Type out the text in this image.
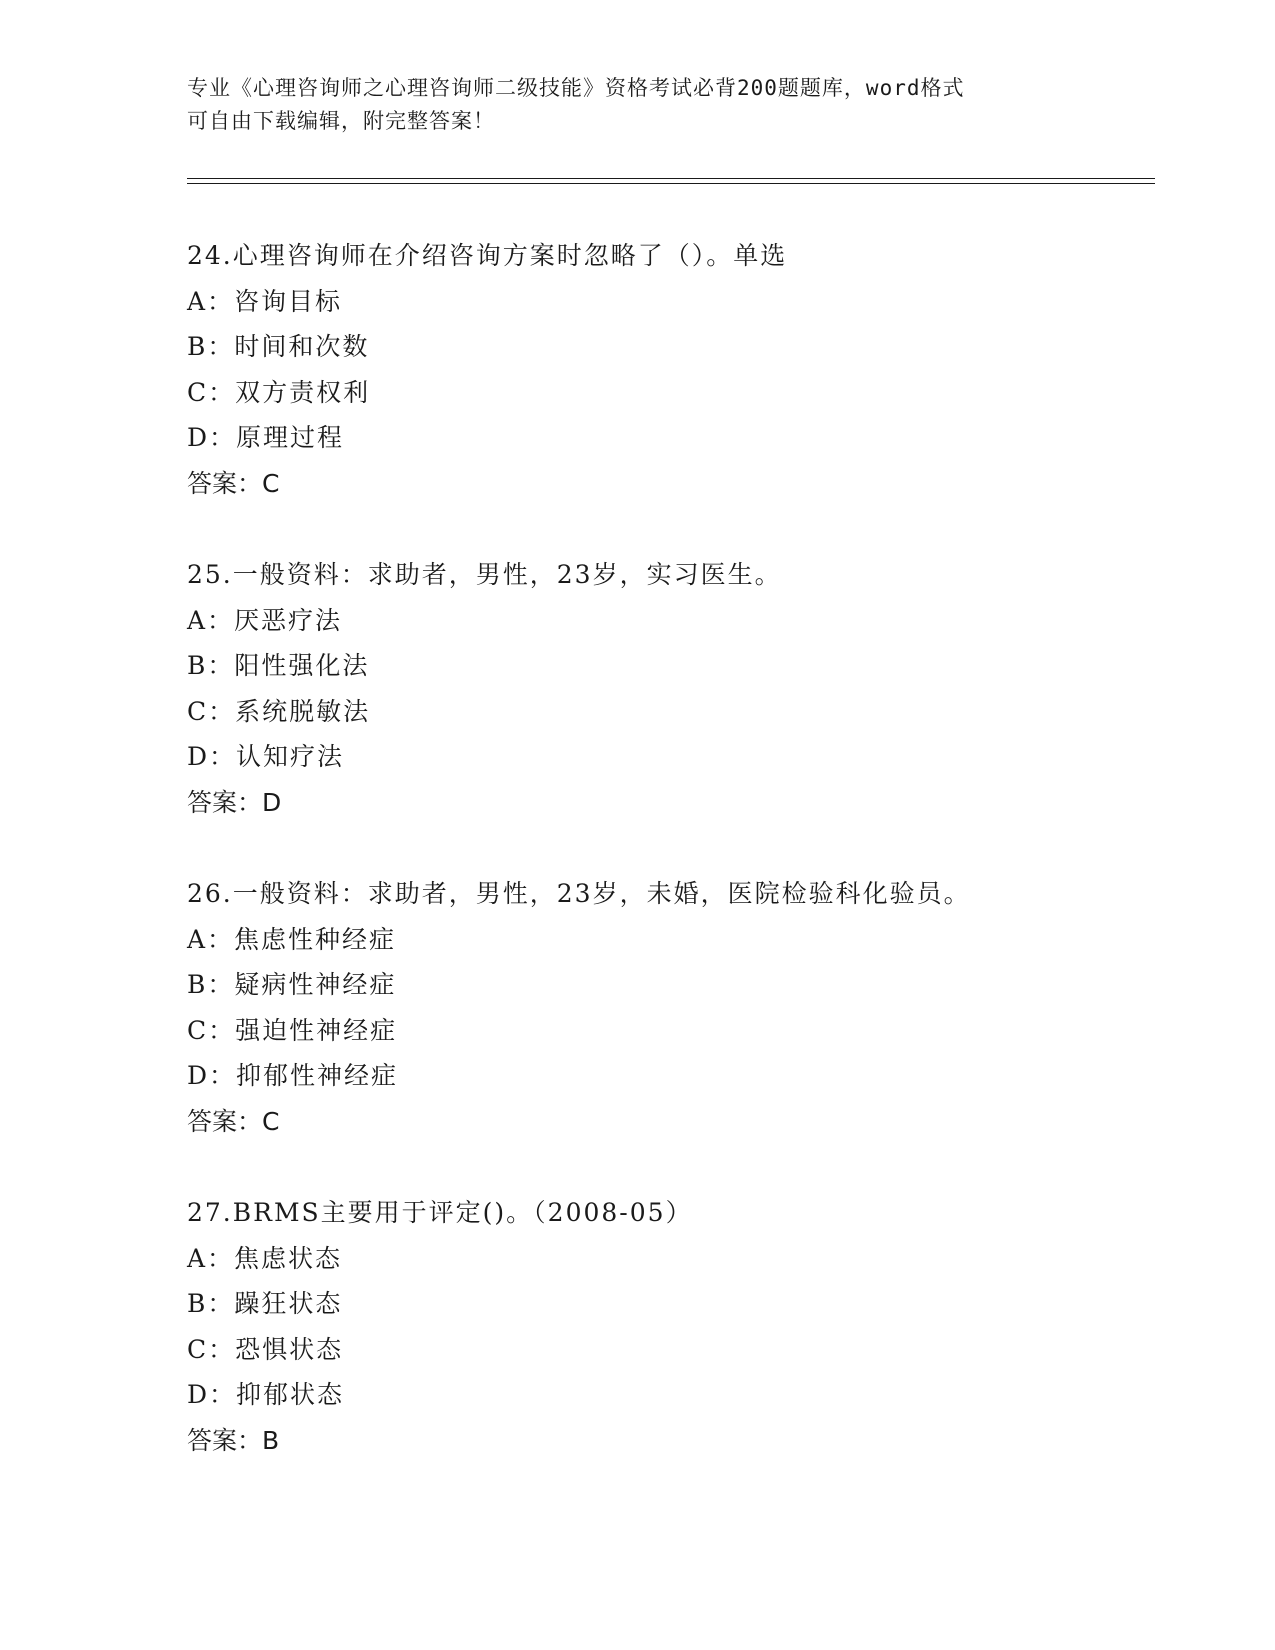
专业《心理咨询师之心理咨询师二级技能》资格考试必背200题题库，word格式
可自由下载编辑，附完整答案！
24.心理咨询师在介绍咨询方案时忽略了（）。单选
A：咨询目标
B：时间和次数
C：双方责权利
D：原理过程
答案：C
25.一般资料：求助者，男性，23岁，实习医生。
A：厌恶疗法
B：阳性强化法
C：系统脱敏法
D：认知疗法
答案：D
26.一般资料：求助者，男性，23岁，未婚，医院检验科化验员。
A：焦虑性种经症
B：疑病性神经症
C：强迫性神经症
D：抑郁性神经症
答案：C
27.BRMS主要用于评定()。（2008-05）
A：焦虑状态
B：躁狂状态
C：恐惧状态
D：抑郁状态
答案：B
